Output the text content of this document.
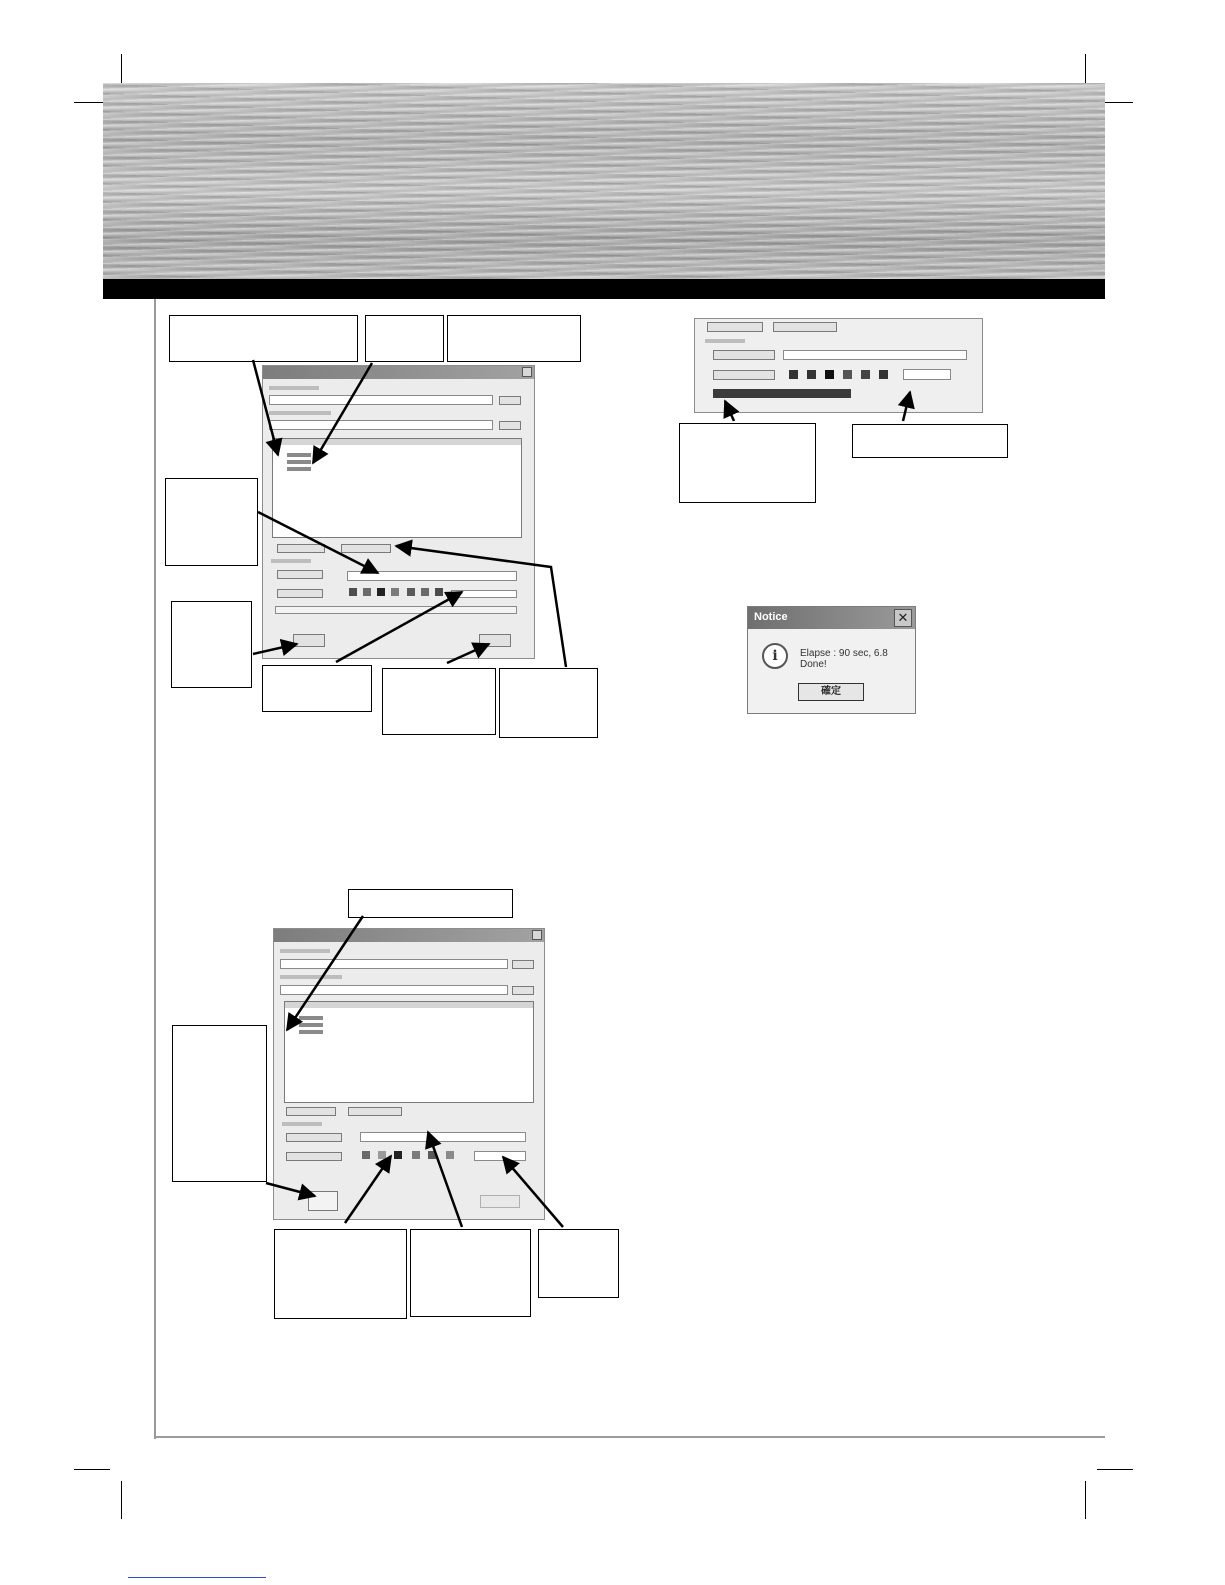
Notice	✕
i	Elapse : 90 sec, 6.8 Done!
確定
